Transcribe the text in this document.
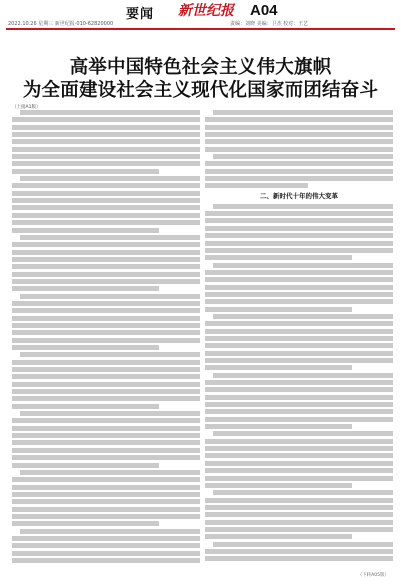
2022.10.26 星期三 新世纪报·010-62820000
要闻 新世纪报 A04
责编：刘晓 美编：卫杰 校对：王艺
高举中国特色社会主义伟大旗帜
为全面建设社会主义现代化国家而团结奋斗
（上接A1版）
二、新时代十年的伟大变革
（下转A05版）
